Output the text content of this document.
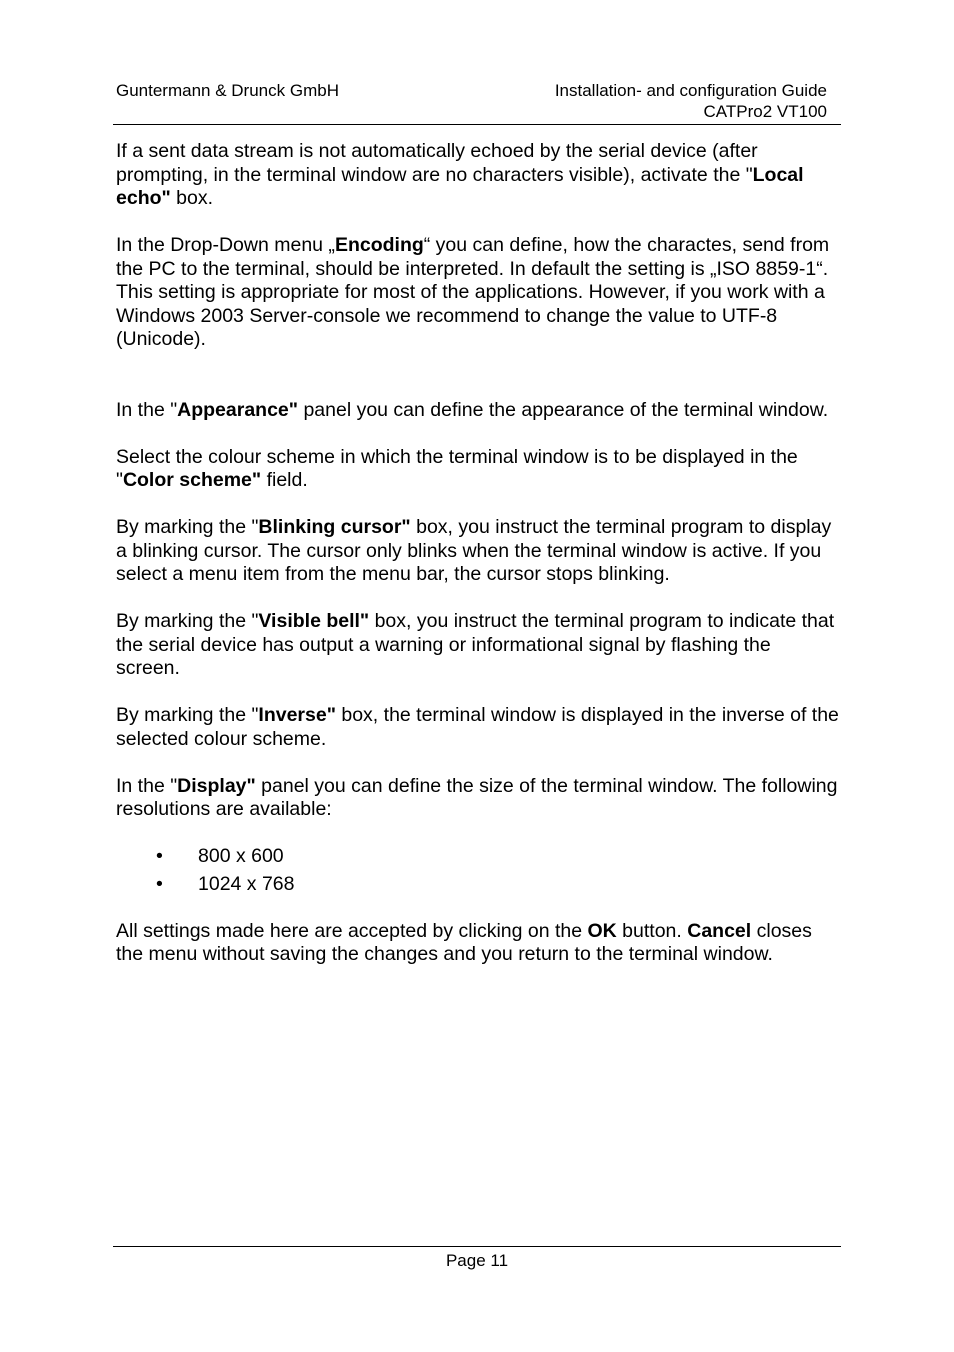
Guntermann & Drunck GmbH	Installation- and configuration Guide
CATPro2 VT100

If a sent data stream is not automatically echoed by the serial device (after prompting, in the terminal window are no characters visible), activate the "Local echo" box.

In the Drop-Down menu „Encoding“ you can define, how the charactes, send from the PC to the terminal, should be interpreted. In default the setting is „ISO 8859-1“. This setting is appropriate for most of the applications. However, if you work with a Windows 2003 Server-console we recommend to change the value to UTF-8 (Unicode).

In the "Appearance" panel you can define the appearance of the terminal window.

Select the colour scheme in which the terminal window is to be displayed in the "Color scheme" field.

By marking the "Blinking cursor" box, you instruct the terminal program to display a blinking cursor. The cursor only blinks when the terminal window is active. If you select a menu item from the menu bar, the cursor stops blinking.

By marking the "Visible bell" box, you instruct the terminal program to indicate that the serial device has output a warning or informational signal by flashing the screen.

By marking the "Inverse" box, the terminal window is displayed in the inverse of the selected colour scheme.

In the "Display" panel you can define the size of the terminal window. The following resolutions are available:

• 800 x 600
• 1024 x 768

All settings made here are accepted by clicking on the OK button. Cancel closes the menu without saving the changes and you return to the terminal window.

Page 11
